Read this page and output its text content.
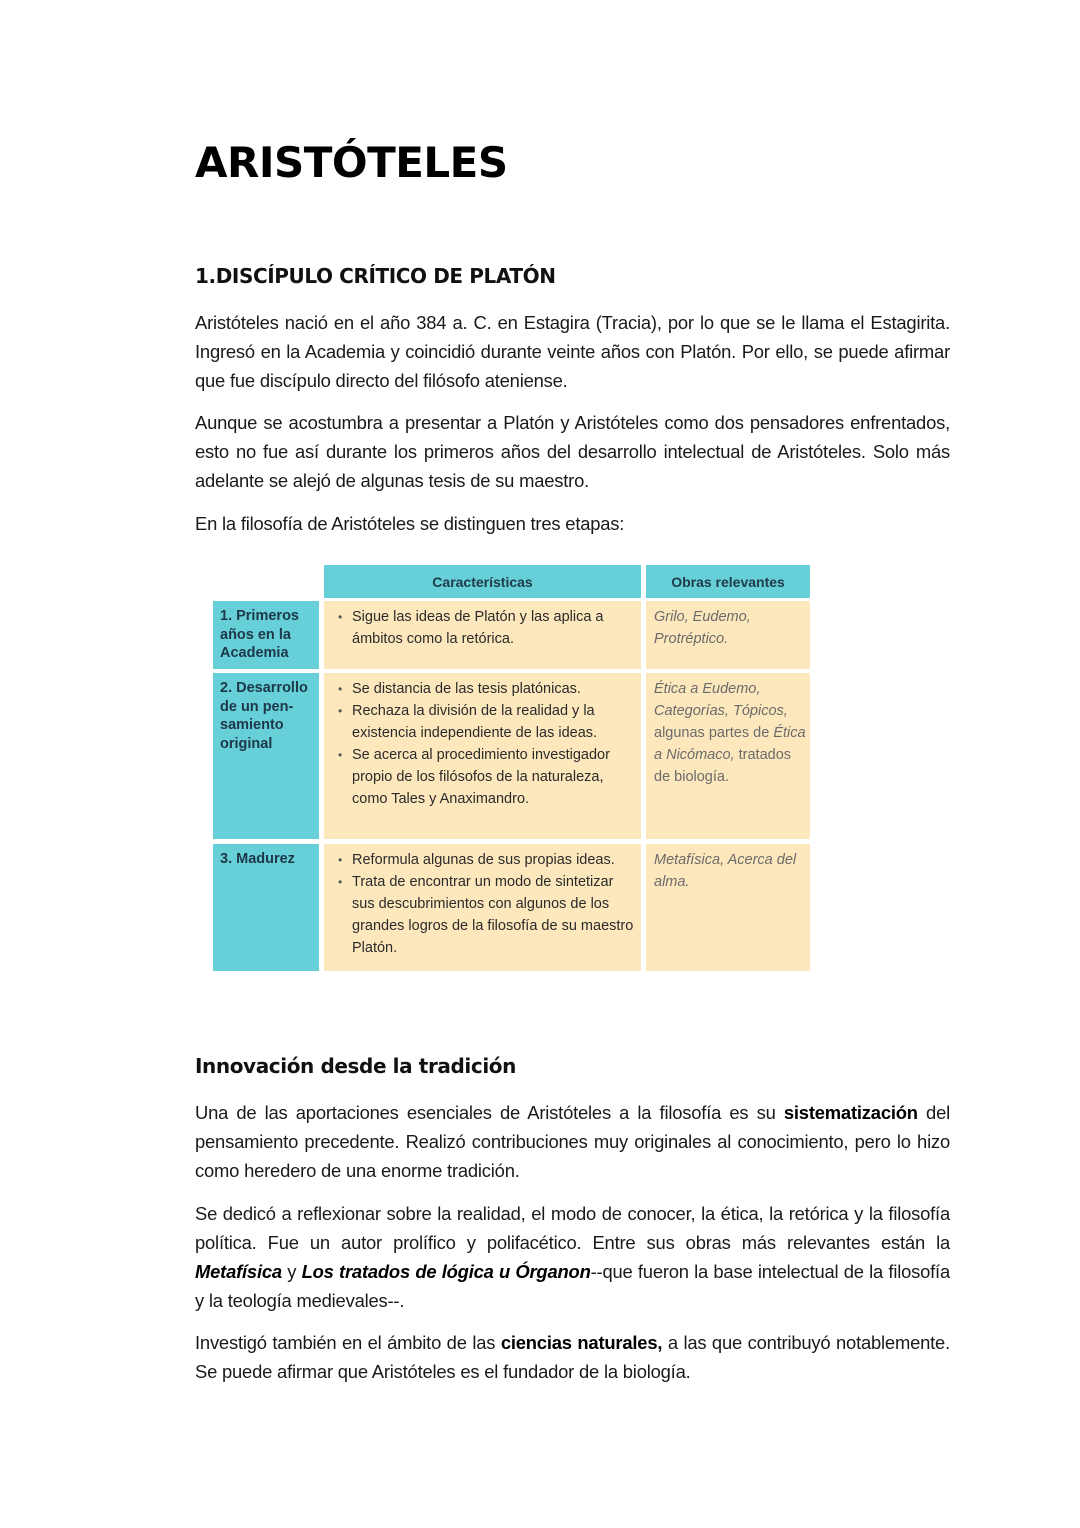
ARISTÓTELES
1.DISCÍPULO CRÍTICO DE PLATÓN

Aristóteles nació en el año 384 a. C. en Estagira (Tracia), por lo que se le llama el Estagirita. Ingresó en la Academia y coincidió durante veinte años con Platón. Por ello, se puede afirmar que fue discípulo directo del filósofo ateniense.

Aunque se acostumbra a presentar a Platón y Aristóteles como dos pensadores enfrentados, esto no fue así durante los primeros años del desarrollo intelectual de Aristóteles. Solo más adelante se alejó de algunas tesis de su maestro.

En la filosofía de Aristóteles se distinguen tres etapas:

Características	Obras relevantes
1. Primeros
años en la
Academia
• Sigue las ideas de Platón y las aplica a ámbitos como la retórica.
Grilo, Eudemo, Protréptico.
2. Desarrollo
de un pen-
samiento
original
• Se distancia de las tesis platónicas.
• Rechaza la división de la realidad y la existencia independiente de las ideas.
• Se acerca al procedimiento investigador propio de los filósofos de la naturaleza, como Tales y Anaximandro.
Ética a Eudemo, Categorías, Tópicos, algunas partes de Ética a Nicómaco, tratados de biología.
3. Madurez	• Reformula algunas de sus propias ideas.
• Trata de encontrar un modo de sintetizar sus descubrimientos con algunos de los grandes logros de la filosofía de su maestro Platón.
Metafísica, Acerca del alma.
Innovación desde la tradición

Una de las aportaciones esenciales de Aristóteles a la filosofía es su sistematización del pensamiento precedente. Realizó contribuciones muy originales al conocimiento, pero lo hizo como heredero de una enorme tradición.

Se dedicó a reflexionar sobre la realidad, el modo de conocer, la ética, la retórica y la filosofía política. Fue un autor prolífico y polifacético. Entre sus obras más relevantes están la Metafísica y Los tratados de lógica u Órganon--que fueron la base intelectual de la filosofía y la teología medievales--.

Investigó también en el ámbito de las ciencias naturales, a las que contribuyó notablemente. Se puede afirmar que Aristóteles es el fundador de la biología.
